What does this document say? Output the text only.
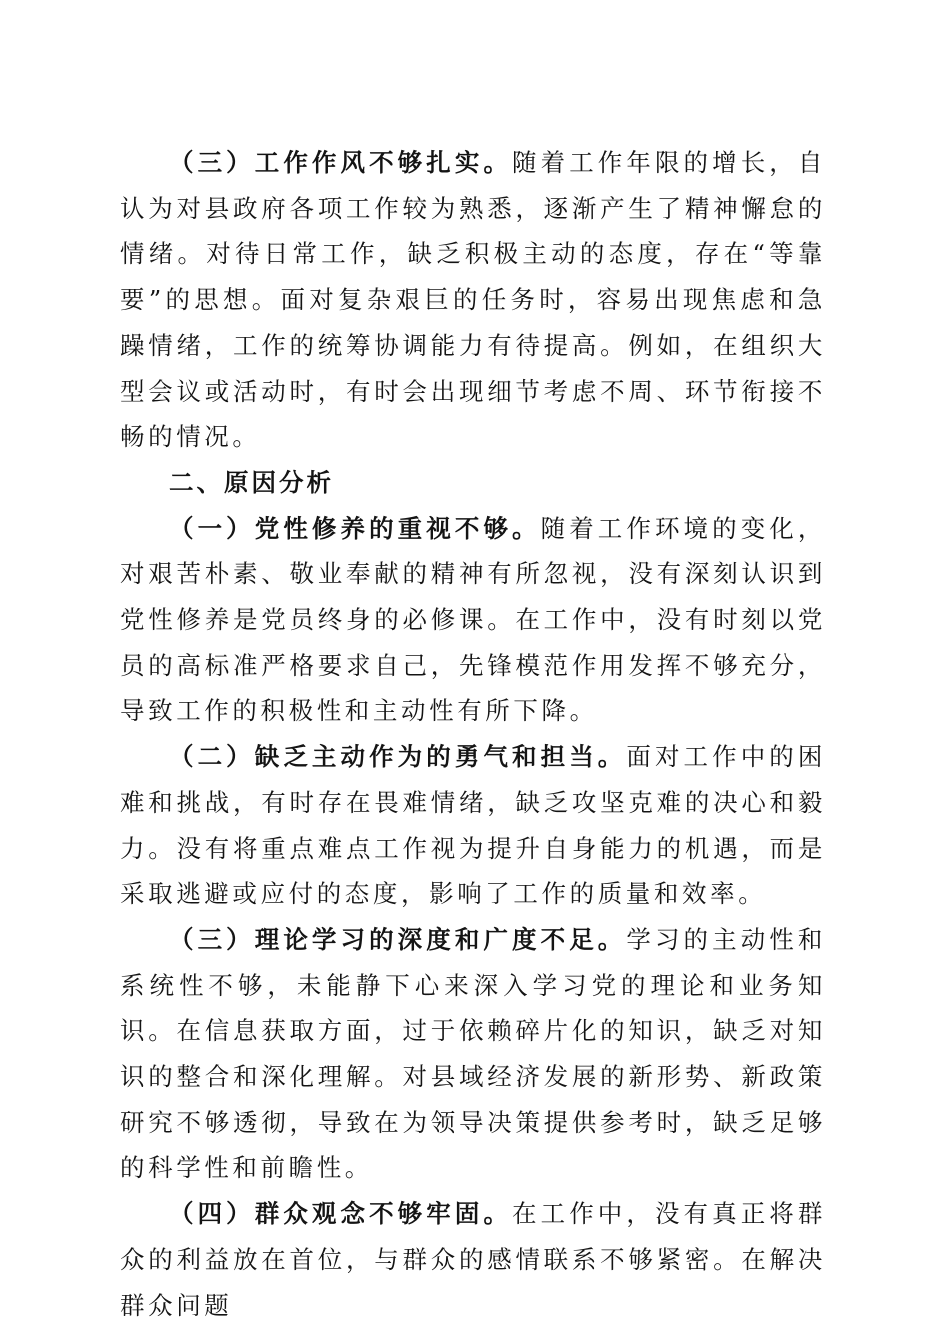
（三）工作作风不够扎实。随着工作年限的增长，自认为对县政府各项工作较为熟悉，逐渐产生了精神懈怠的情绪。对待日常工作，缺乏积极主动的态度，存在“等靠要”的思想。面对复杂艰巨的任务时，容易出现焦虑和急躁情绪，工作的统筹协调能力有待提高。例如，在组织大型会议或活动时，有时会出现细节考虑不周、环节衔接不畅的情况。

二、原因分析

（一）党性修养的重视不够。随着工作环境的变化，对艰苦朴素、敬业奉献的精神有所忽视，没有深刻认识到党性修养是党员终身的必修课。在工作中，没有时刻以党员的高标准严格要求自己，先锋模范作用发挥不够充分，导致工作的积极性和主动性有所下降。

（二）缺乏主动作为的勇气和担当。面对工作中的困难和挑战，有时存在畏难情绪，缺乏攻坚克难的决心和毅力。没有将重点难点工作视为提升自身能力的机遇，而是采取逃避或应付的态度，影响了工作的质量和效率。

（三）理论学习的深度和广度不足。学习的主动性和系统性不够，未能静下心来深入学习党的理论和业务知识。在信息获取方面，过于依赖碎片化的知识，缺乏对知识的整合和深化理解。对县域经济发展的新形势、新政策研究不够透彻，导致在为领导决策提供参考时，缺乏足够的科学性和前瞻性。

（四）群众观念不够牢固。在工作中，没有真正将群众的利益放在首位，与群众的感情联系不够紧密。在解决群众问题
